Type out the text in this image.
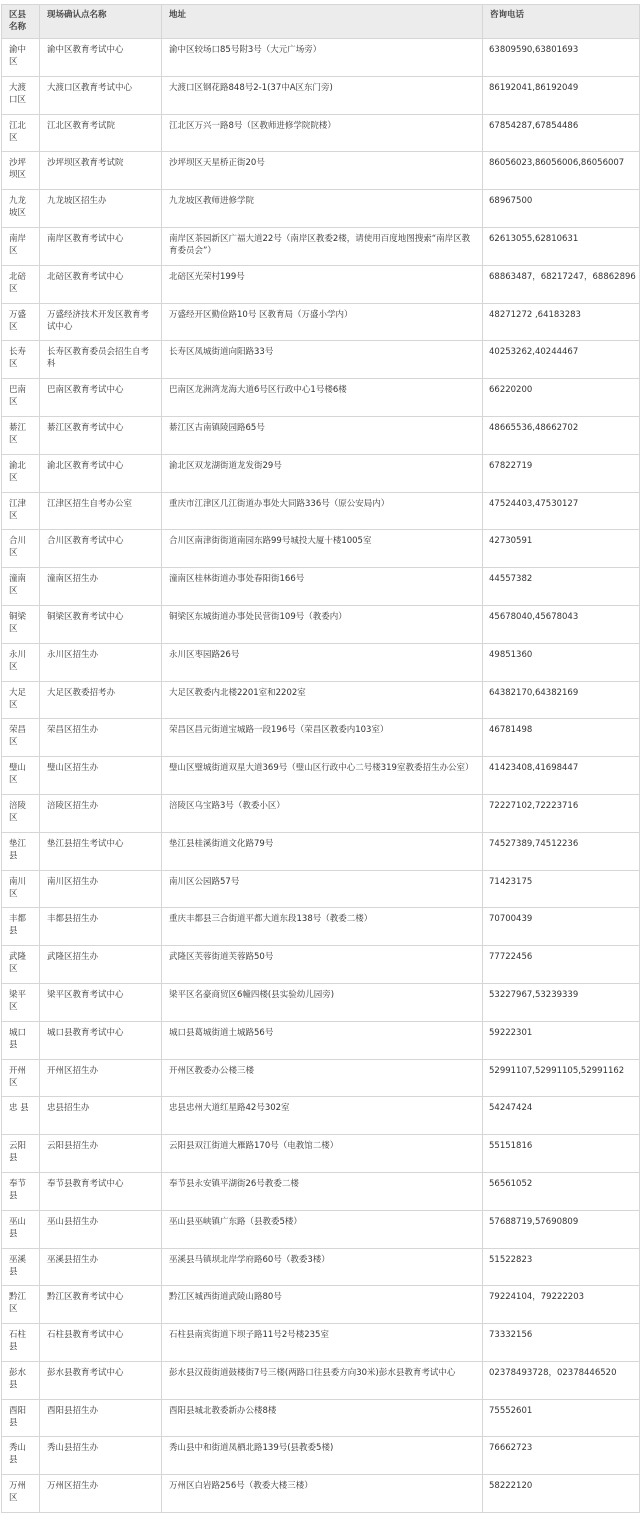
区县名称	现场确认点名称	地址	咨询电话
渝中区	渝中区教育考试中心	渝中区较场口85号附3号（大元广场旁）	63809590,63801693
大渡口区	大渡口区教育考试中心	大渡口区钢花路848号2-1(37中A区东门旁)	86192041,86192049
江北区	江北区教育考试院	江北区万兴一路8号（区教师进修学院院楼）	67854287,67854486
沙坪坝区	沙坪坝区教育考试院	沙坪坝区天星桥正街20号	86056023,86056006,86056007
九龙坡区	九龙坡区招生办	九龙坡区教师进修学院	68967500
南岸区	南岸区教育考试中心	南岸区茶园新区广福大道22号（南岸区教委2楼，请使用百度地图搜索“南岸区教育委员会”）	62613055,62810631
北碚区	北碚区教育考试中心	北碚区光荣村199号	68863487，68217247，68862896
万盛区	万盛经济技术开发区教育考试中心	万盛经开区勤俭路10号 区教育局（万盛小学内）	48271272 ,64183283
长寿区	长寿区教育委员会招生自考科	长寿区凤城街道向阳路33号	40253262,40244467
巴南区	巴南区教育考试中心	巴南区龙洲湾龙海大道6号区行政中心1号楼6楼	66220200
綦江区	綦江区教育考试中心	綦江区古南镇陵园路65号	48665536,48662702
渝北区	渝北区教育考试中心	渝北区双龙湖街道龙发街29号	67822719
江津区	江津区招生自考办公室	重庆市江津区几江街道办事处大同路336号（原公安局内）	47524403,47530127
合川区	合川区教育考试中心	合川区南津街街道南园东路99号城投大厦十楼1005室	42730591
潼南区	潼南区招生办	潼南区桂林街道办事处春阳街166号	44557382
铜梁区	铜梁区教育考试中心	铜梁区东城街道办事处民营街109号（教委内）	45678040,45678043
永川区	永川区招生办	永川区枣园路26号	49851360
大足区	大足区教委招考办	大足区教委内北楼2201室和2202室	64382170,64382169
荣昌区	荣昌区招生办	荣昌区昌元街道宝城路一段196号（荣昌区教委内103室）	46781498
璧山区	璧山区招生办	璧山区璧城街道双星大道369号（璧山区行政中心二号楼319室教委招生办公室）	41423408,41698447
涪陵区	涪陵区招生办	涪陵区乌宝路3号（教委小区）	72227102,72223716
垫江县	垫江县招生考试中心	垫江县桂溪街道文化路79号	74527389,74512236
南川区	南川区招生办	南川区公园路57号	71423175
丰都县	丰都县招生办	重庆丰都县三合街道平都大道东段138号（教委二楼）	70700439
武隆区	武隆区招生办	武隆区芙蓉街道芙蓉路50号	77722456
梁平区	梁平区教育考试中心	梁平区名豪商贸区6幢四楼(县实验幼儿园旁)	53227967,53239339
城口县	城口县教育考试中心	城口县葛城街道土城路56号	59222301
开州区	开州区招生办	开州区教委办公楼三楼	52991107,52991105,52991162
忠 县	忠县招生办	忠县忠州大道红星路42号302室	54247424
云阳县	云阳县招生办	云阳县双江街道大雁路170号（电教馆二楼）	55151816
奉节县	奉节县教育考试中心	奉节县永安镇平湖街26号教委二楼	56561052
巫山县	巫山县招生办	巫山县巫峡镇广东路（县教委5楼）	57688719,57690809
巫溪县	巫溪县招生办	巫溪县马镇坝北岸学府路60号（教委3楼）	51522823
黔江区	黔江区教育考试中心	黔江区城西街道武陵山路80号	79224104，79222203
石柱县	石柱县教育考试中心	石柱县南宾街道下坝子路11号2号楼235室	73332156
彭水县	彭水县教育考试中心	彭水县汉葭街道鼓楼街7号三楼(两路口往县委方向30米)彭水县教育考试中心	02378493728，02378446520
酉阳县	酉阳县招生办	酉阳县城北教委新办公楼8楼	75552601
秀山县	秀山县招生办	秀山县中和街道凤栖北路139号(县教委5楼)	76662723
万州区	万州区招生办	万州区白岩路256号（教委大楼三楼）	58222120
